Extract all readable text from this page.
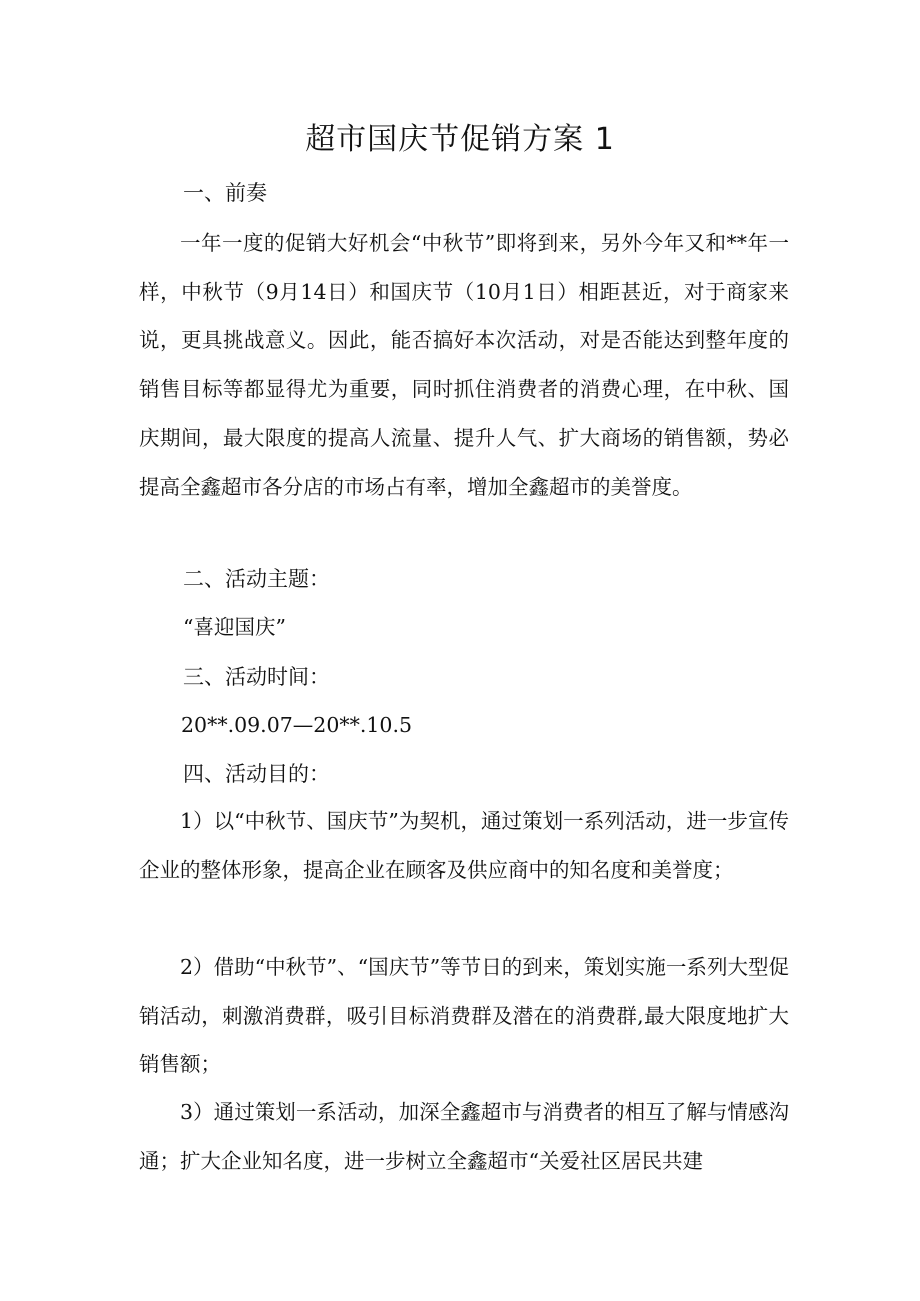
超市国庆节促销方案 1
一、前奏

一年一度的促销大好机会“中秋节”即将到来，另外今年又和**年一样，中秋节（9月14日）和国庆节（10月1日）相距甚近，对于商家来说，更具挑战意义。因此，能否搞好本次活动，对是否能达到整年度的销售目标等都显得尤为重要，同时抓住消费者的消费心理，在中秋、国庆期间，最大限度的提高人流量、提升人气、扩大商场的销售额，势必提高全鑫超市各分店的市场占有率，增加全鑫超市的美誉度。

二、活动主题：

“喜迎国庆”

三、活动时间：

20**.09.07—20**.10.5

四、活动目的：

1）以“中秋节、国庆节”为契机，通过策划一系列活动，进一步宣传企业的整体形象，提高企业在顾客及供应商中的知名度和美誉度；

2）借助“中秋节”、“国庆节”等节日的到来，策划实施一系列大型促销活动，刺激消费群，吸引目标消费群及潜在的消费群,最大限度地扩大销售额；

3）通过策划一系活动，加深全鑫超市与消费者的相互了解与情感沟通；扩大企业知名度，进一步树立全鑫超市“关爱社区居民共建
